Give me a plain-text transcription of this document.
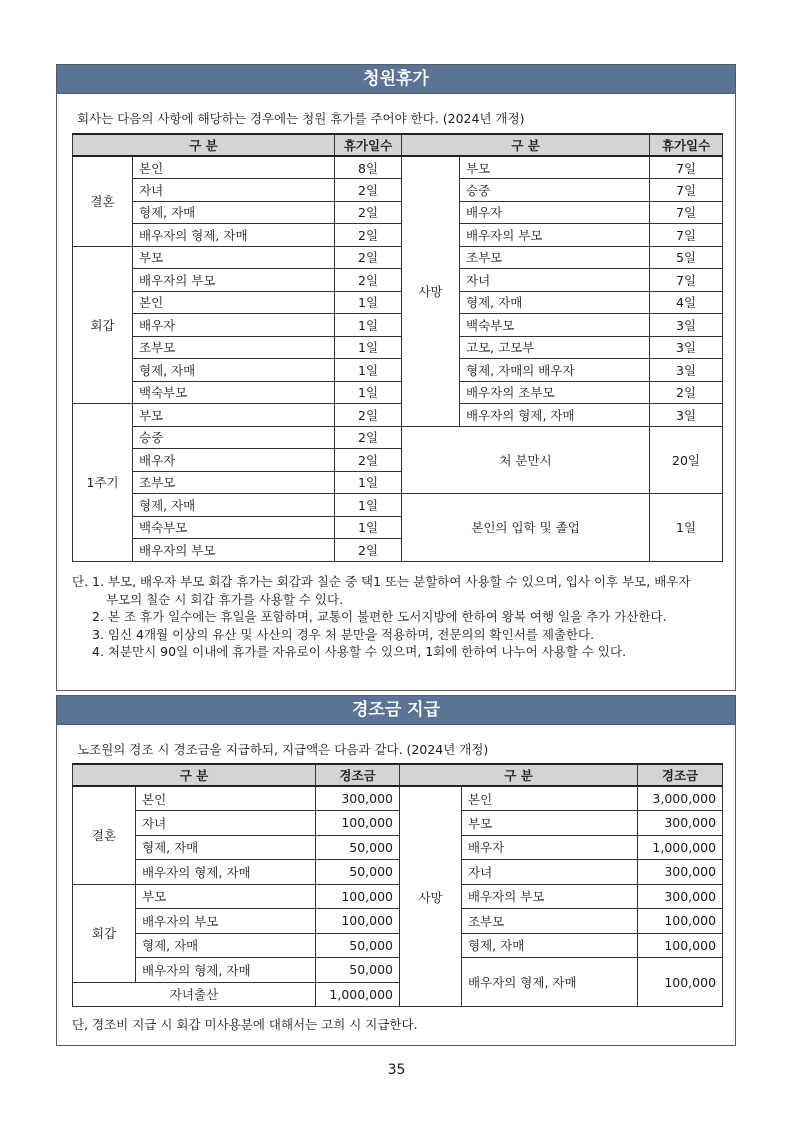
청원휴가
회사는 다음의 사항에 해당하는 경우에는 청원 휴가를 주어야 한다. (2024년 개정)
구 분		휴가일수	구 분		휴가일수
결혼	본인	8일	사망	부모	7일
	자녀	2일		승중	7일
	형제, 자매	2일		배우자	7일
	배우자의 형제, 자매	2일		배우자의 부모	7일
회갑	부모	2일		조부모	5일
	배우자의 부모	2일		자녀	7일
	본인	1일		형제, 자매	4일
	배우자	1일		백숙부모	3일
	조부모	1일		고모, 고모부	3일
	형제, 자매	1일		형제, 자매의 배우자	3일
	백숙부모	1일		배우자의 조부모	2일
1주기	부모	2일		배우자의 형제, 자매	3일
	승중	2일	처 분만시		20일
	배우자	2일			
	조부모	1일			
	형제, 자매	1일	본인의 입학 및 졸업		1일
	백숙부모	1일			
	배우자의 부모	2일			
단. 1. 부모, 배우자 부모 회갑 휴가는 회갑과 칠순 중 택1 또는 분할하여 사용할 수 있으며, 입사 이후 부모, 배우자
부모의 칠순 시 회갑 휴가를 사용할 수 있다.
2. 본 조 휴가 일수에는 휴일을 포함하며, 교통이 불편한 도서지방에 한하여 왕복 여행 일을 추가 가산한다.
3. 임신 4개월 이상의 유산 및 사산의 경우 처 분만을 적용하며, 전문의의 확인서를 제출한다.
4. 처분만시 90일 이내에 휴가를 자유로이 사용할 수 있으며, 1회에 한하여 나누어 사용할 수 있다.
경조금 지급
노조원의 경조 시 경조금을 지급하되, 지급액은 다음과 같다. (2024년 개정)
구 분		경조금	구 분		경조금
결혼	본인	300,000	사망	본인	3,000,000
	자녀	100,000		부모	300,000
	형제, 자매	50,000		배우자	1,000,000
	배우자의 형제, 자매	50,000		자녀	300,000
회갑	부모	100,000		배우자의 부모	300,000
	배우자의 부모	100,000		조부모	100,000
	형제, 자매	50,000		형제, 자매	100,000
	배우자의 형제, 자매	50,000		배우자의 형제, 자매	100,000
자녀출산		1,000,000			
단, 경조비 지급 시 회갑 미사용분에 대해서는 고희 시 지급한다.
35
